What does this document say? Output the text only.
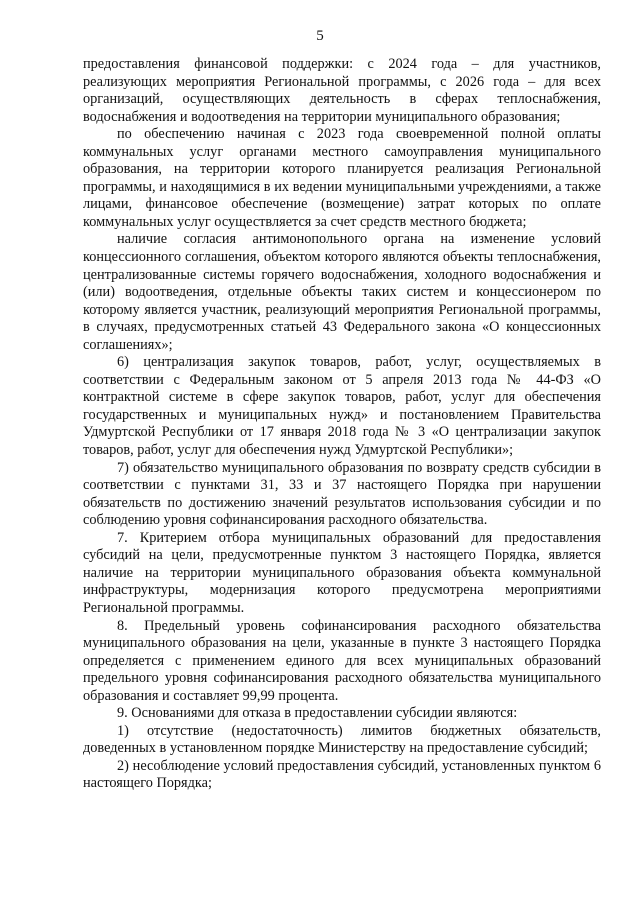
5

предоставления финансовой поддержки: с 2024 года – для участников, реализующих мероприятия Региональной программы, с 2026 года – для всех организаций, осуществляющих деятельность в сферах теплоснабжения, водоснабжения и водоотведения на территории муниципального образования;

по обеспечению начиная с 2023 года своевременной полной оплаты коммунальных услуг органами местного самоуправления муниципального образования, на территории которого планируется реализация Региональной программы, и находящимися в их ведении муниципальными учреждениями, а также лицами, финансовое обеспечение (возмещение) затрат которых по оплате коммунальных услуг осуществляется за счет средств местного бюджета;

наличие согласия антимонопольного органа на изменение условий концессионного соглашения, объектом которого являются объекты теплоснабжения, централизованные системы горячего водоснабжения, холодного водоснабжения и (или) водоотведения, отдельные объекты таких систем и концессионером по которому является участник, реализующий мероприятия Региональной программы, в случаях, предусмотренных статьей 43 Федерального закона «О концессионных соглашениях»;

6) централизация закупок товаров, работ, услуг, осуществляемых в соответствии с Федеральным законом от 5 апреля 2013 года № 44-ФЗ «О контрактной системе в сфере закупок товаров, работ, услуг для обеспечения государственных и муниципальных нужд» и постановлением Правительства Удмуртской Республики от 17 января 2018 года № 3 «О централизации закупок товаров, работ, услуг для обеспечения нужд Удмуртской Республики»;

7) обязательство муниципального образования по возврату средств субсидии в соответствии с пунктами 31, 33 и 37 настоящего Порядка при нарушении обязательств по достижению значений результатов использования субсидии и по соблюдению уровня софинансирования расходного обязательства.

7. Критерием отбора муниципальных образований для предоставления субсидий на цели, предусмотренные пунктом 3 настоящего Порядка, является наличие на территории муниципального образования объекта коммунальной инфраструктуры, модернизация которого предусмотрена мероприятиями Региональной программы.

8. Предельный уровень софинансирования расходного обязательства муниципального образования на цели, указанные в пункте 3 настоящего Порядка определяется с применением единого для всех муниципальных образований предельного уровня софинансирования расходного обязательства муниципального образования и составляет 99,99 процента.

9. Основаниями для отказа в предоставлении субсидии являются:

1) отсутствие (недостаточность) лимитов бюджетных обязательств, доведенных в установленном порядке Министерству на предоставление субсидий;

2) несоблюдение условий предоставления субсидий, установленных пунктом 6 настоящего Порядка;
